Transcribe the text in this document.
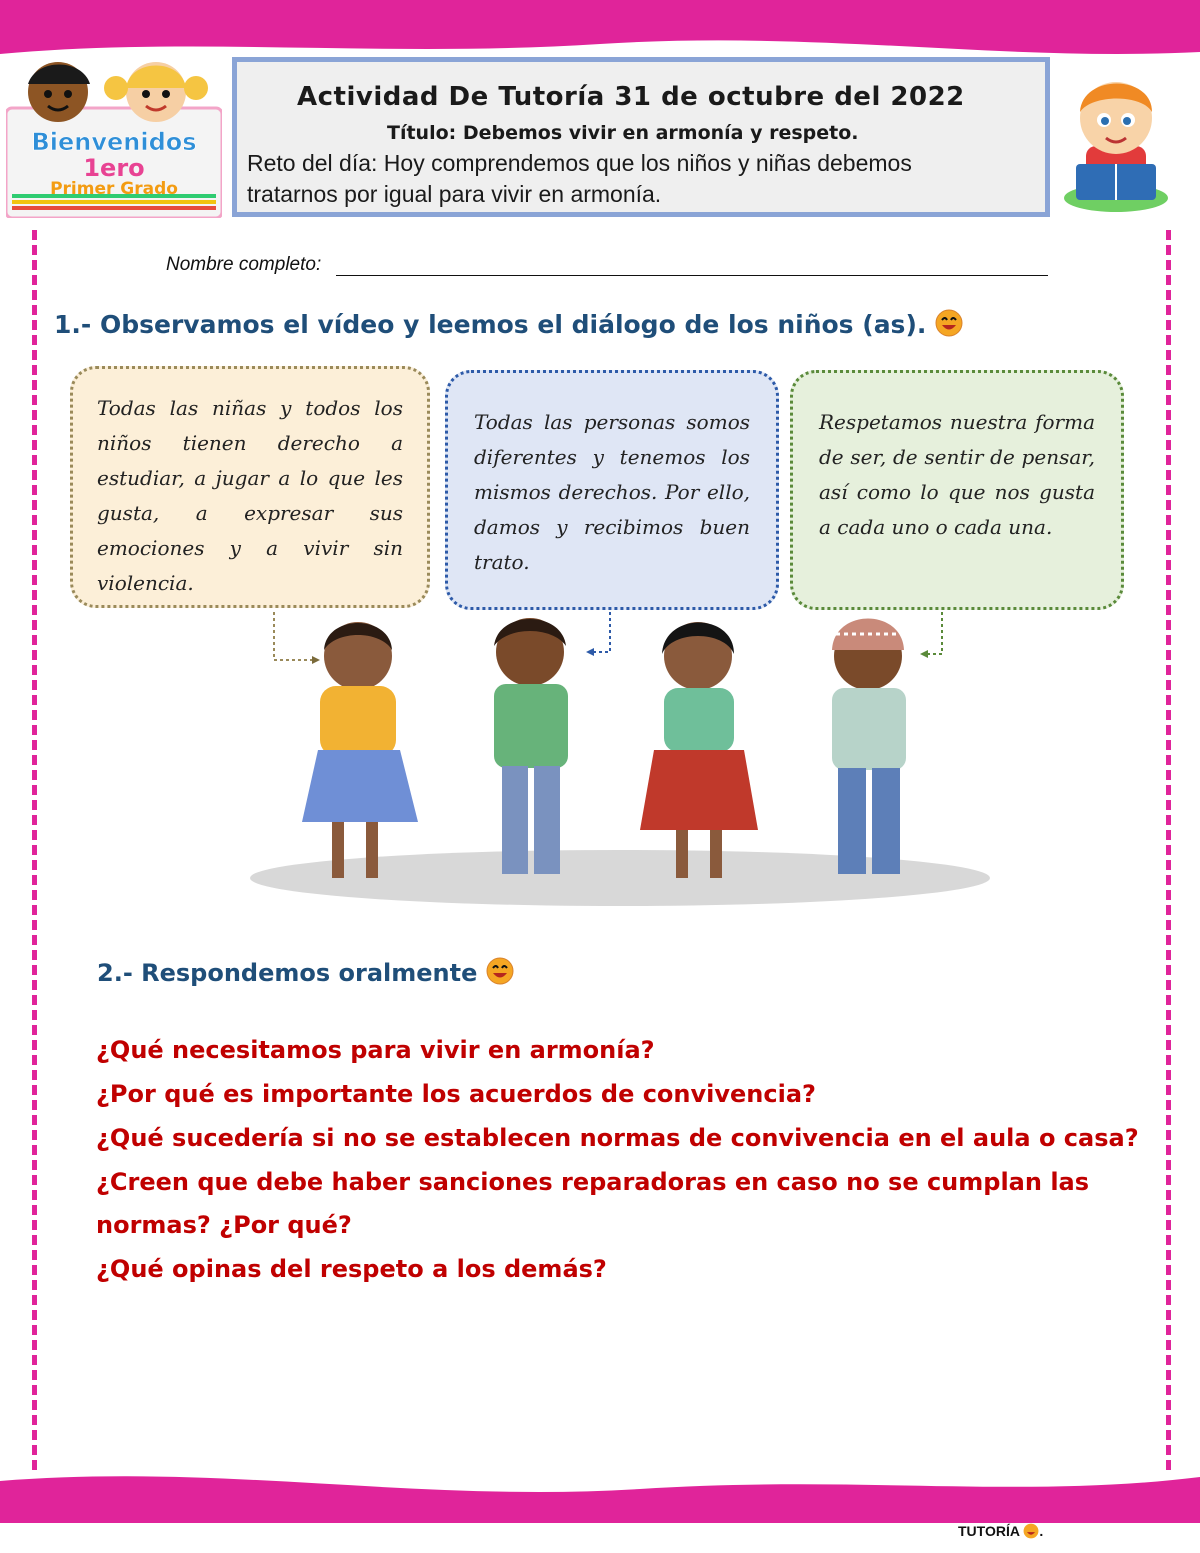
Bienvenidos
1ero
Primer Grado
Actividad De Tutoría 31 de octubre del 2022
Título: Debemos vivir en armonía y respeto.
Reto del día: Hoy comprendemos que los niños y niñas debemos tratarnos por igual para vivir en armonía.
Nombre completo:
1.- Observamos el vídeo y leemos el diálogo de los niños (as).

Todas las niñas y todos los niños tienen derecho a estudiar, a jugar a lo que les gusta, a expresar sus emociones y a vivir sin violencia.

Todas las personas somos diferentes y tenemos los mismos derechos. Por ello, damos y recibimos buen trato.

Respetamos nuestra forma de ser, de sentir de pensar, así como lo que nos gusta a cada uno o cada una.

2.- Respondemos oralmente
¿Qué necesitamos para vivir en armonía?
¿Por qué es importante los acuerdos de convivencia?
¿Qué sucedería si no se establecen normas de convivencia en el aula o casa?
¿Creen que debe haber sanciones reparadoras en caso no se cumplan las
normas? ¿Por qué?
¿Qué opinas del respeto a los demás?
TUTORÍA .
